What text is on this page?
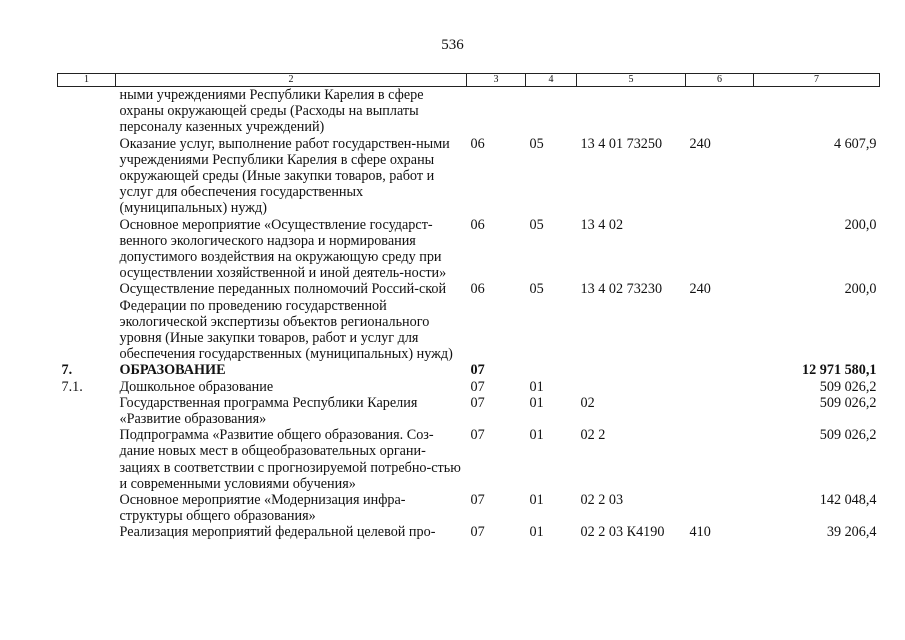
536
1	2	3	4	5	6	7
	ными учреждениями Республики Карелия в сфере охраны окружающей среды (Расходы на выплаты персоналу казенных учреждений)					
	Оказание услуг, выполнение работ государствен-ными учреждениями Республики Карелия в сфере охраны окружающей среды (Иные закупки товаров, работ и услуг для обеспечения государственных (муниципальных) нужд)	06	05	13 4 01 73250	240	4 607,9
	Основное мероприятие «Осуществление государст-венного экологического надзора и нормирования допустимого воздействия на окружающую среду при осуществлении хозяйственной и иной деятель-ности»	06	05	13 4 02		200,0
	Осуществление переданных полномочий Россий-ской Федерации по проведению государственной экологической экспертизы объектов регионального уровня (Иные закупки товаров, работ и услуг для обеспечения государственных (муниципальных) нужд)	06	05	13 4 02 73230	240	200,0
7.	ОБРАЗОВАНИЕ	07				12 971 580,1
7.1.	Дошкольное образование	07	01			509 026,2
	Государственная программа Республики Карелия «Развитие образования»	07	01	02		509 026,2
	Подпрограмма «Развитие общего образования. Соз-дание новых мест в общеобразовательных органи-зациях в соответствии с прогнозируемой потребно-стью и современными условиями обучения»	07	01	02 2		509 026,2
	Основное мероприятие «Модернизация инфра-структуры общего образования»	07	01	02 2 03		142 048,4
	Реализация мероприятий федеральной целевой про-	07	01	02 2 03 К4190	410	39 206,4
